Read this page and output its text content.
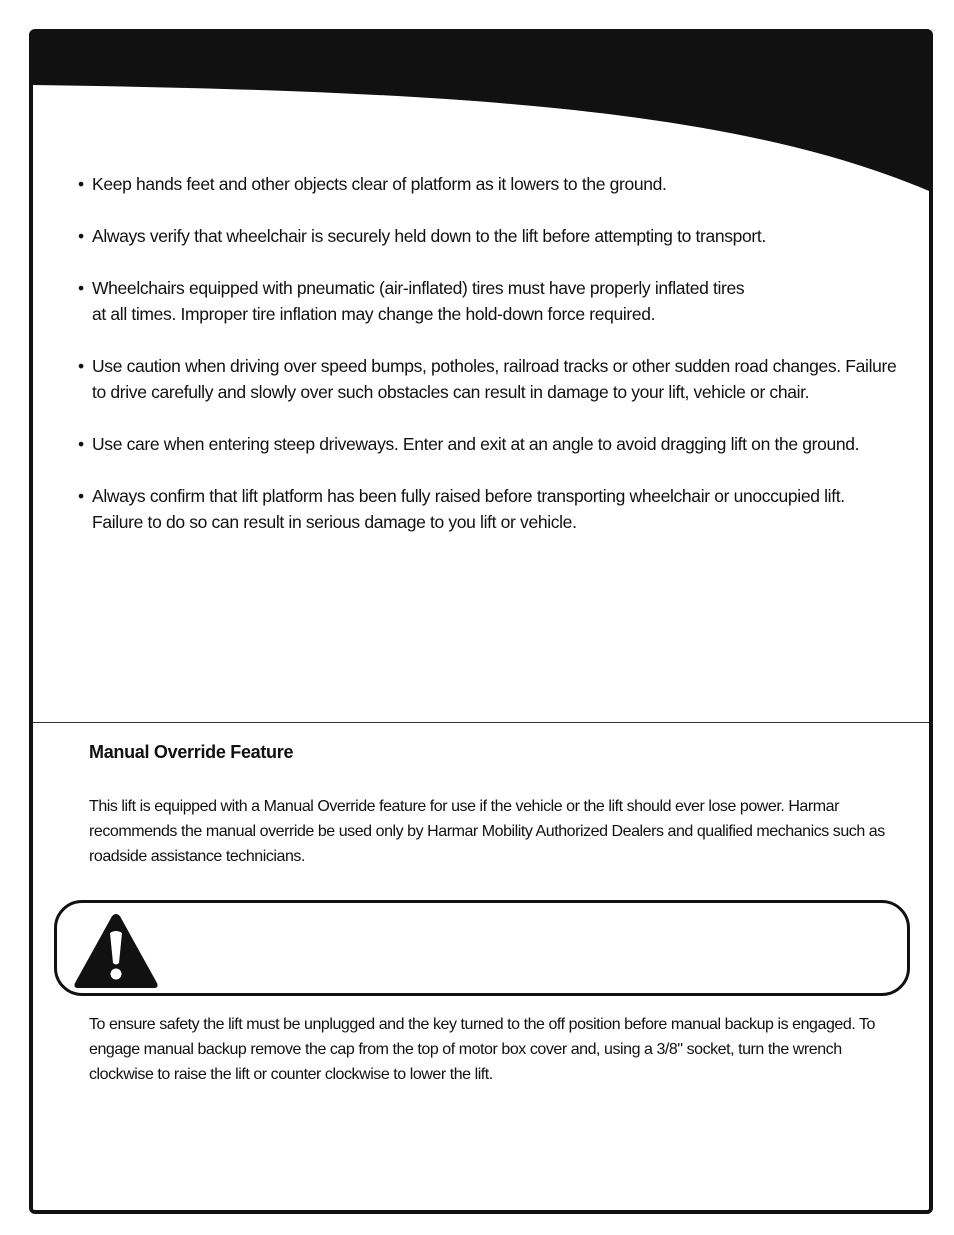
• Keep hands feet and other objects clear of platform as it lowers to the ground.
• Always verify that wheelchair is securely held down to the lift before attempting to transport.
• Wheelchairs equipped with pneumatic (air-inflated) tires must have properly inflated tires at all times. Improper tire inflation may change the hold-down force required.
• Use caution when driving over speed bumps, potholes, railroad tracks or other sudden road changes. Failure to drive carefully and slowly over such obstacles can result in damage to your lift, vehicle or chair.
• Use care when entering steep driveways. Enter and exit at an angle to avoid dragging lift on the ground.
• Always confirm that lift platform has been fully raised before transporting wheelchair or unoccupied lift. Failure to do so can result in serious damage to you lift or vehicle.
Manual Override Feature

This lift is equipped with a Manual Override feature for use if the vehicle or the lift should ever lose power. Harmar recommends the manual override be used only by Harmar Mobility Authorized Dealers and qualified mechanics such as roadside assistance technicians.

To ensure safety the lift must be unplugged and the key turned to the off position before manual backup is engaged. To engage manual backup remove the cap from the top of motor box cover and, using a 3/8" socket, turn the wrench clockwise to raise the lift or counter clockwise to lower the lift.
